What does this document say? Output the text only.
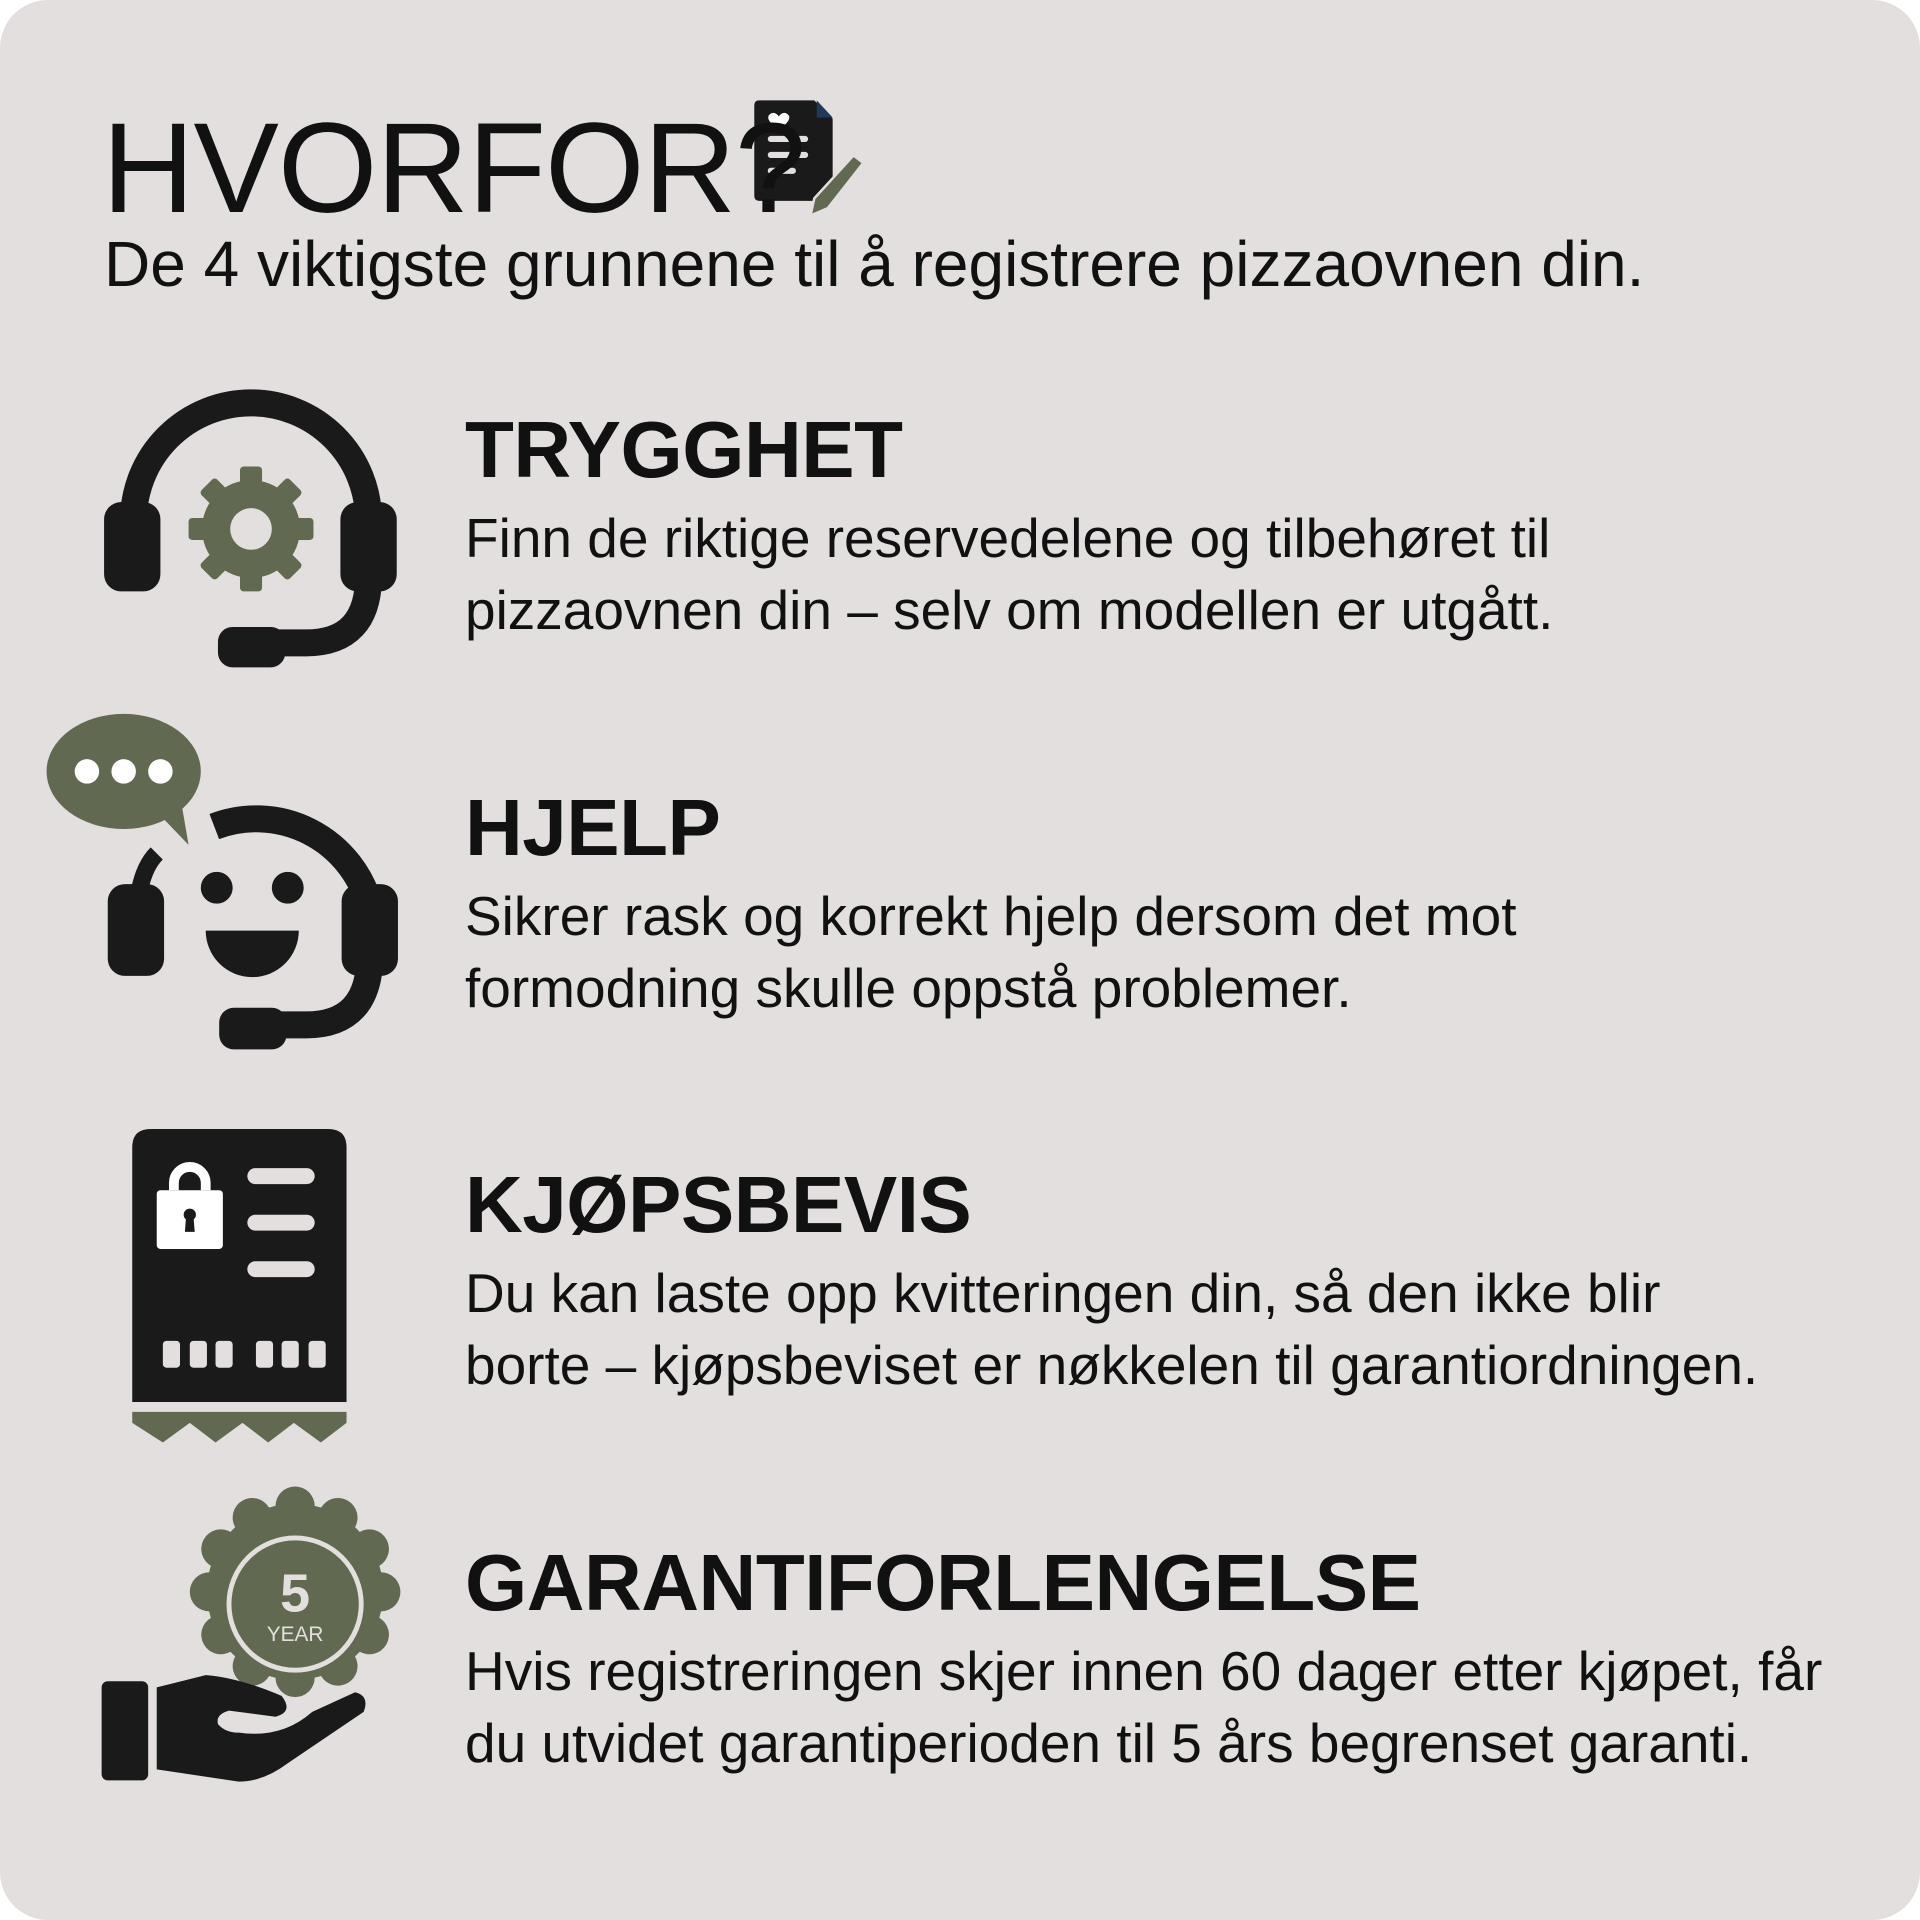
5
YEAR
HVORFOR?

De 4 viktigste grunnene til å registrere pizzaovnen din.

TRYGGHET

Finn de riktige reservedelene og tilbehøret til pizzaovnen din – selv om modellen er utgått.

HJELP

Sikrer rask og korrekt hjelp dersom det mot formodning skulle oppstå problemer.

KJØPSBEVIS

Du kan laste opp kvitteringen din, så den ikke blir borte – kjøpsbeviset er nøkkelen til garantiordningen.

GARANTIFORLENGELSE

Hvis registreringen skjer innen 60 dager etter kjøpet, får du utvidet garantiperioden til 5 års begrenset garanti.
